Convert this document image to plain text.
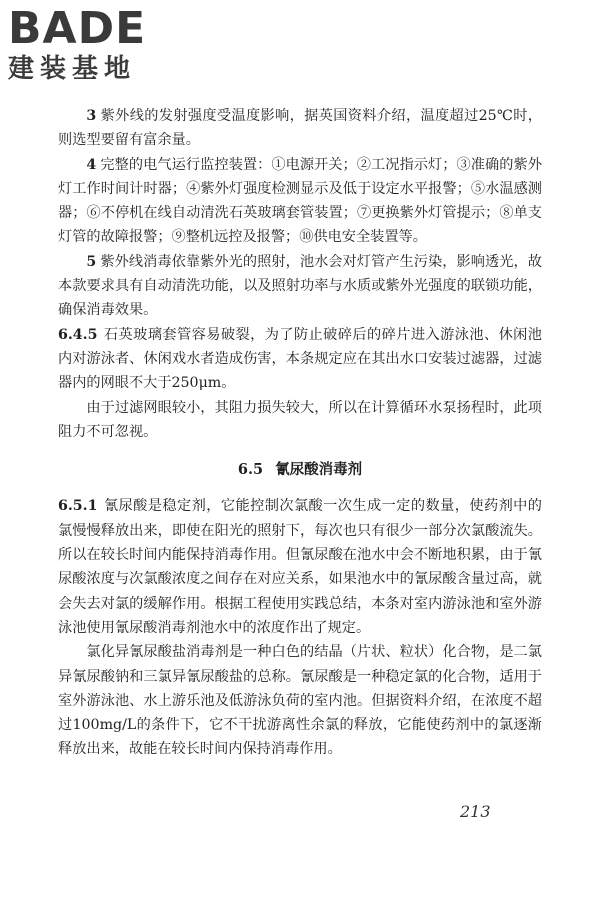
BADE
建装基地

3 紫外线的发射强度受温度影响，据英国资料介绍，温度超过25℃时，则选型要留有富余量。

4 完整的电气运行监控装置：①电源开关；②工况指示灯；③准确的紫外灯工作时间计时器；④紫外灯强度检测显示及低于设定水平报警；⑤水温感测器；⑥不停机在线自动清洗石英玻璃套管装置；⑦更换紫外灯管提示；⑧单支灯管的故障报警；⑨整机远控及报警；⑩供电安全装置等。

5 紫外线消毒依靠紫外光的照射，池水会对灯管产生污染，影响透光，故本款要求具有自动清洗功能，以及照射功率与水质或紫外光强度的联锁功能，确保消毒效果。

6.4.5 石英玻璃套管容易破裂，为了防止破碎后的碎片进入游泳池、休闲池内对游泳者、休闲戏水者造成伤害，本条规定应在其出水口安装过滤器，过滤器内的网眼不大于250μm。

由于过滤网眼较小，其阻力损失较大，所以在计算循环水泵扬程时，此项阻力不可忽视。

6.5 氰尿酸消毒剂

6.5.1 氰尿酸是稳定剂，它能控制次氯酸一次生成一定的数量，使药剂中的氯慢慢释放出来，即使在阳光的照射下，每次也只有很少一部分次氯酸流失。所以在较长时间内能保持消毒作用。但氰尿酸在池水中会不断地积累，由于氰尿酸浓度与次氯酸浓度之间存在对应关系，如果池水中的氰尿酸含量过高，就会失去对氯的缓解作用。根据工程使用实践总结，本条对室内游泳池和室外游泳池使用氰尿酸消毒剂池水中的浓度作出了规定。

氯化异氰尿酸盐消毒剂是一种白色的结晶（片状、粒状）化合物，是二氯异氰尿酸钠和三氯异氰尿酸盐的总称。氰尿酸是一种稳定氯的化合物，适用于室外游泳池、水上游乐池及低游泳负荷的室内池。但据资料介绍，在浓度不超过100mg/L的条件下，它不干扰游离性余氯的释放，它能使药剂中的氯逐渐释放出来，故能在较长时间内保持消毒作用。

213
